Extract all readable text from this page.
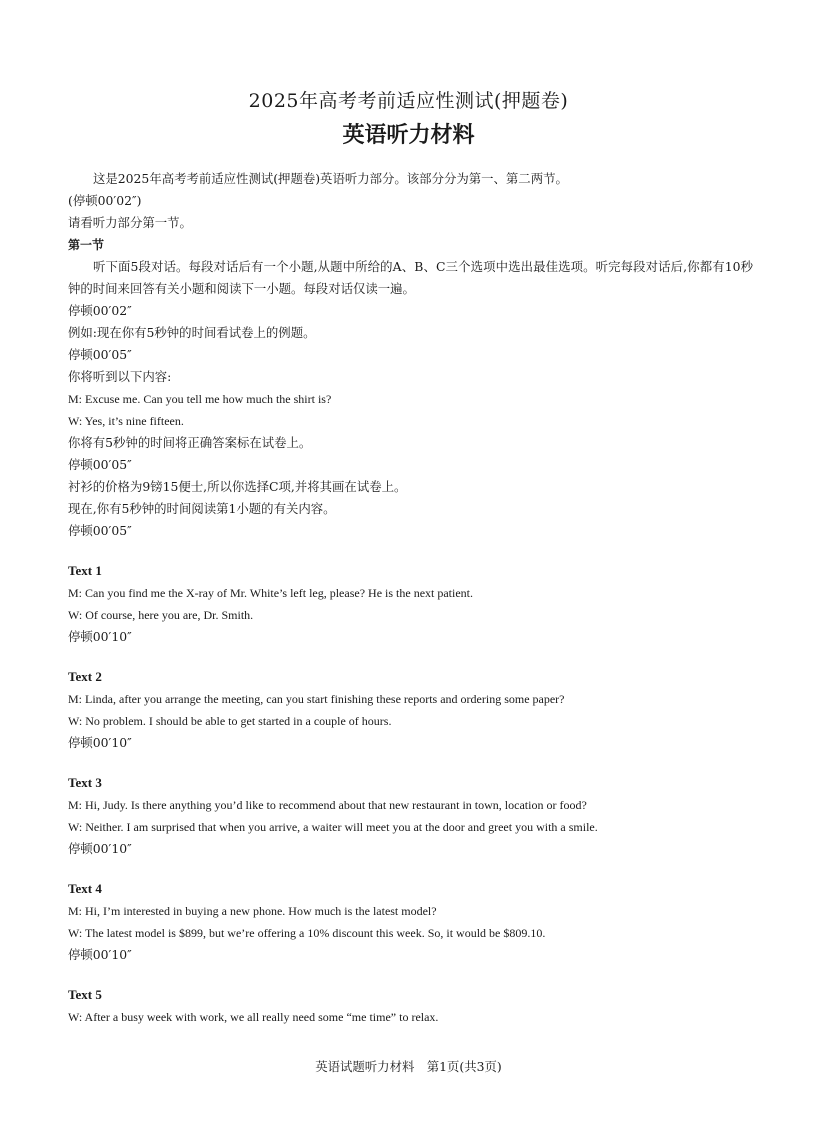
2025年高考考前适应性测试(押题卷)
英语听力材料

这是2025年高考考前适应性测试(押题卷)英语听力部分。该部分分为第一、第二两节。

(停顿00′02″)

请看听力部分第一节。

第一节

听下面5段对话。每段对话后有一个小题,从题中所给的A、B、C三个选项中选出最佳选项。听完每段对话后,你都有10秒钟的时间来回答有关小题和阅读下一小题。每段对话仅读一遍。

停顿00′02″

例如:现在你有5秒钟的时间看试卷上的例题。

停顿00′05″

你将听到以下内容:

M: Excuse me. Can you tell me how much the shirt is?

W: Yes, it’s nine fifteen.

你将有5秒钟的时间将正确答案标在试卷上。

停顿00′05″

衬衫的价格为9镑15便士,所以你选择C项,并将其画在试卷上。

现在,你有5秒钟的时间阅读第1小题的有关内容。

停顿00′05″

Text 1

M: Can you find me the X-ray of Mr. White’s left leg, please? He is the next patient.

W: Of course, here you are, Dr. Smith.

停顿00′10″

Text 2

M: Linda, after you arrange the meeting, can you start finishing these reports and ordering some paper?

W: No problem. I should be able to get started in a couple of hours.

停顿00′10″

Text 3

M: Hi, Judy. Is there anything you’d like to recommend about that new restaurant in town, location or food?

W: Neither. I am surprised that when you arrive, a waiter will meet you at the door and greet you with a smile.

停顿00′10″

Text 4

M: Hi, I’m interested in buying a new phone. How much is the latest model?

W: The latest model is $899, but we’re offering a 10% discount this week. So, it would be $809.10.

停顿00′10″

Text 5

W: After a busy week with work, we all really need some “me time” to relax.

英语试题听力材料　第1页(共3页)
